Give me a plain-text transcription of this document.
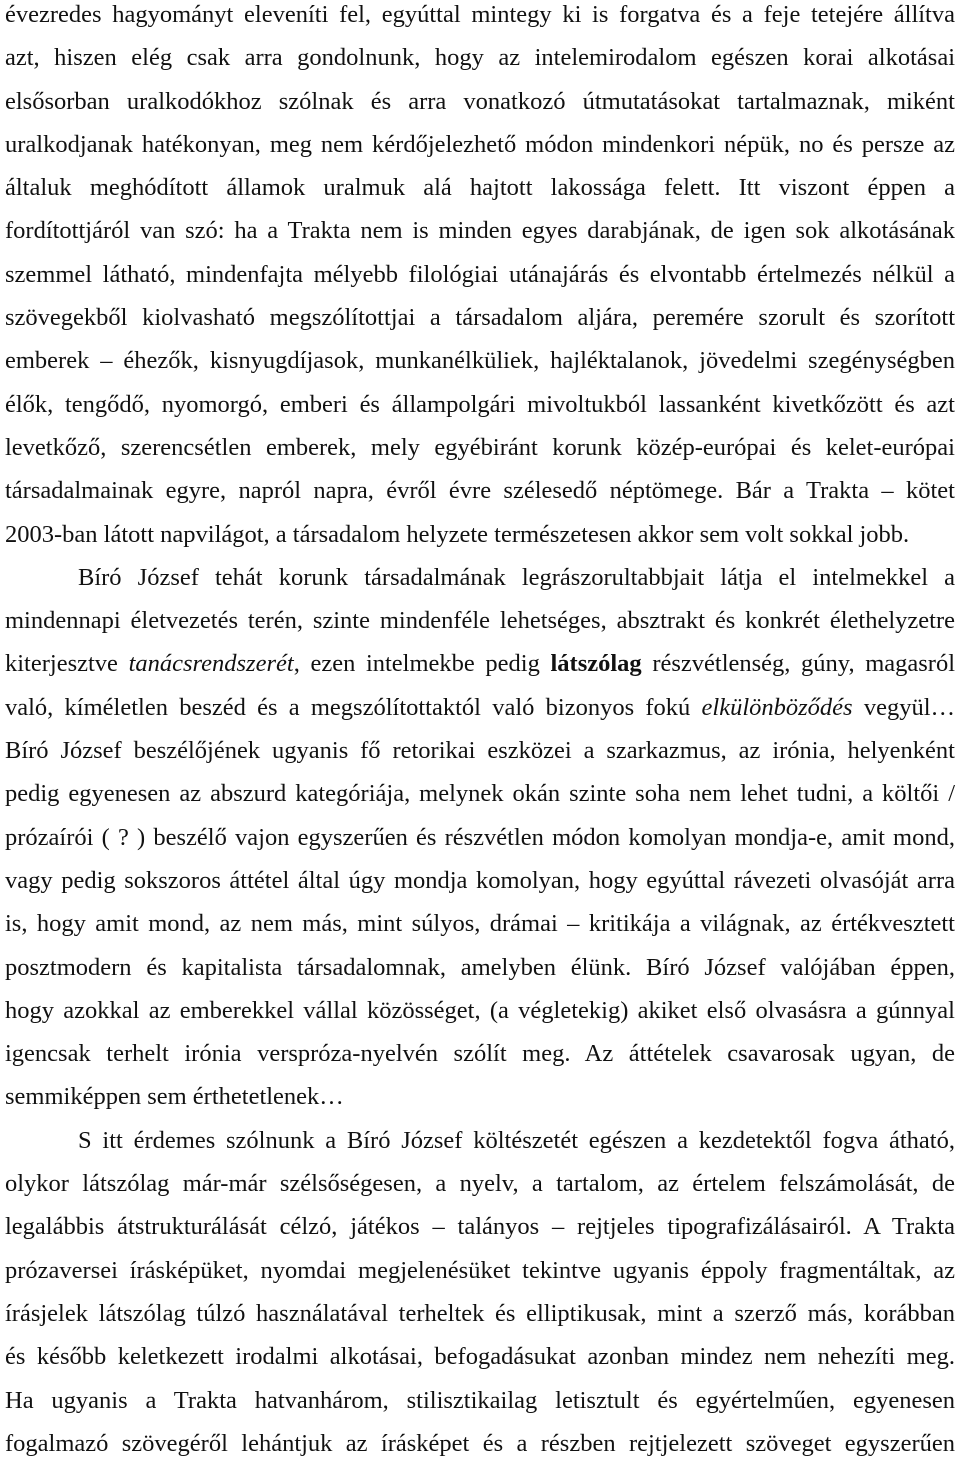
évezredes hagyományt eleveníti fel, egyúttal mintegy ki is forgatva és a feje tetejére állítva
azt, hiszen elég csak arra gondolnunk, hogy az intelemirodalom egészen korai alkotásai
elsősorban uralkodókhoz szólnak és arra vonatkozó útmutatásokat tartalmaznak, miként
uralkodjanak hatékonyan, meg nem kérdőjelezhető módon mindenkori népük, no és persze az
általuk meghódított államok uralmuk alá hajtott lakossága felett. Itt viszont éppen a
fordítottjáról van szó: ha a Trakta nem is minden egyes darabjának, de igen sok alkotásának
szemmel látható, mindenfajta mélyebb filológiai utánajárás és elvontabb értelmezés nélkül a
szövegekből kiolvasható megszólítottjai a társadalom aljára, peremére szorult és szorított
emberek – éhezők, kisnyugdíjasok, munkanélküliek, hajléktalanok, jövedelmi szegénységben
élők, tengődő, nyomorgó, emberi és állampolgári mivoltukból lassanként kivetkőzött és azt
levetkőző, szerencsétlen emberek, mely egyébiránt korunk közép-európai és kelet-európai
társadalmainak egyre, napról napra, évről évre szélesedő néptömege. Bár a Trakta – kötet
2003-ban látott napvilágot, a társadalom helyzete természetesen akkor sem volt sokkal jobb.
Bíró József tehát korunk társadalmának legrászorultabbjait látja el intelmekkel a
mindennapi életvezetés terén, szinte mindenféle lehetséges, absztrakt és konkrét élethelyzetre
kiterjesztve tanácsrendszerét, ezen intelmekbe pedig látszólag részvétlenség, gúny, magasról
való, kíméletlen beszéd és a megszólítottaktól való bizonyos fokú elkülönböződés vegyül…
Bíró József beszélőjének ugyanis fő retorikai eszközei a szarkazmus, az irónia, helyenként
pedig egyenesen az abszurd kategóriája, melynek okán szinte soha nem lehet tudni, a költői /
prózaírói ( ? ) beszélő vajon egyszerűen és részvétlen módon komolyan mondja-e, amit mond,
vagy pedig sokszoros áttétel által úgy mondja komolyan, hogy egyúttal rávezeti olvasóját arra
is, hogy amit mond, az nem más, mint súlyos, drámai – kritikája a világnak, az értékvesztett
posztmodern és kapitalista társadalomnak, amelyben élünk. Bíró József valójában éppen,
hogy azokkal az emberekkel vállal közösséget, (a végletekig) akiket első olvasásra a gúnnyal
igencsak terhelt irónia verspróza-nyelvén szólít meg. Az áttételek csavarosak ugyan, de
semmiképpen sem érthetetlenek…
S itt érdemes szólnunk a Bíró József költészetét egészen a kezdetektől fogva átható,
olykor látszólag már-már szélsőségesen, a nyelv, a tartalom, az értelem felszámolását, de
legalábbis átstrukturálását célzó, játékos – talányos – rejtjeles tipografizálásairól. A Trakta
prózaversei írásképüket, nyomdai megjelenésüket tekintve ugyanis éppoly fragmentáltak, az
írásjelek látszólag túlzó használatával terheltek és elliptikusak, mint a szerző más, korábban
és később keletkezett irodalmi alkotásai, befogadásukat azonban mindez nem nehezíti meg.
Ha ugyanis a Trakta hatvanhárom, stilisztikailag letisztult és egyértelműen, egyenesen
fogalmazó szövegéről lehántjuk az írásképet és a részben rejtjelezett szöveget egyszerűen
